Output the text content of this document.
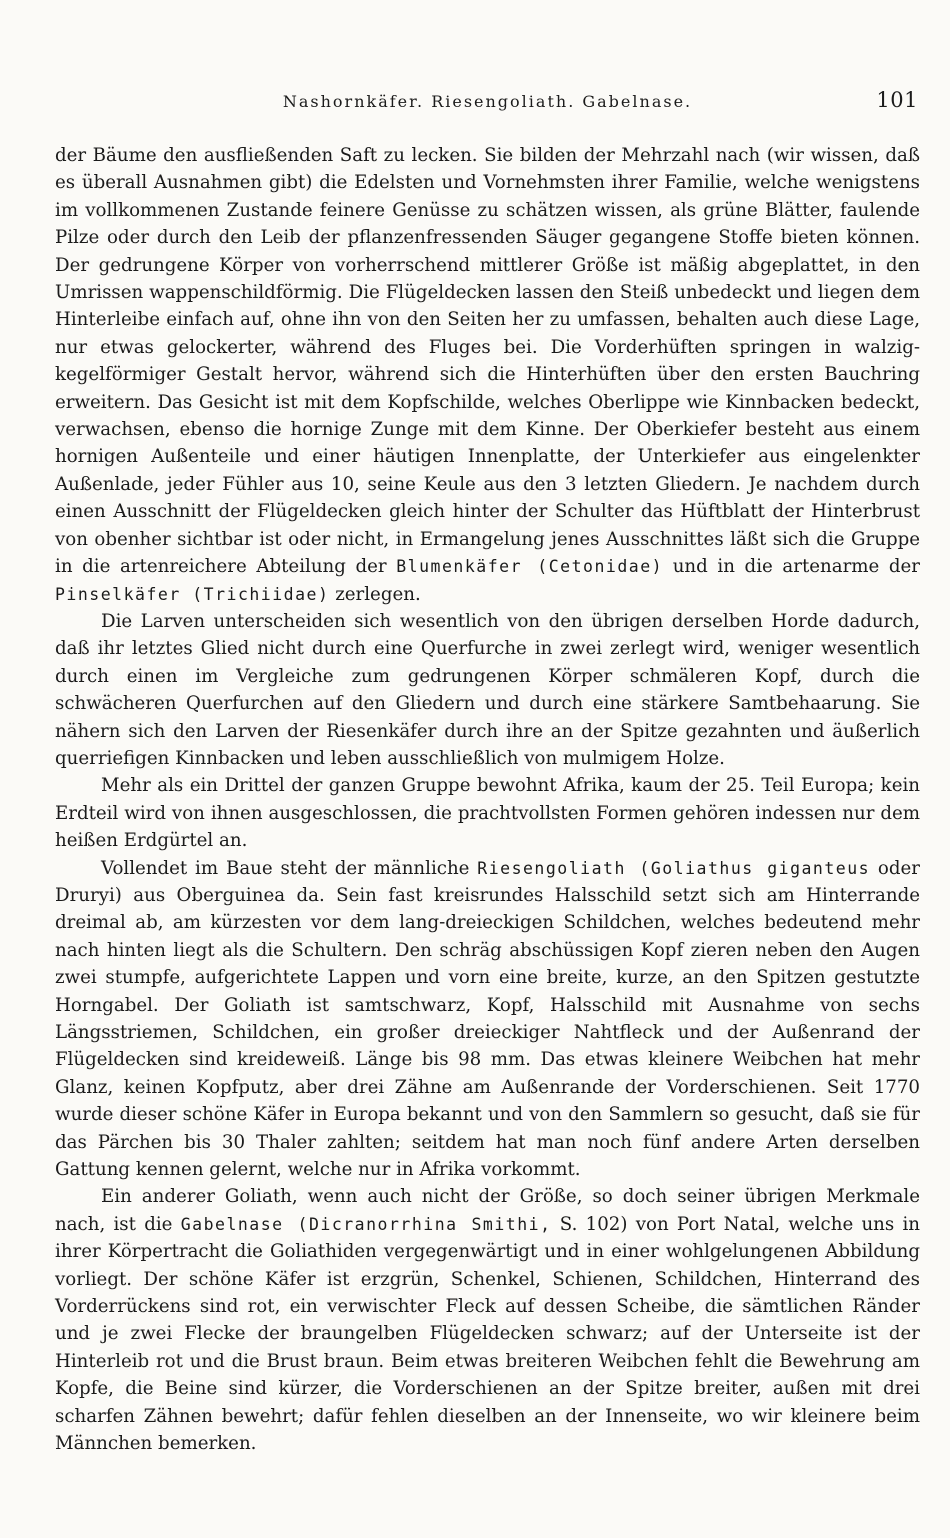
Nashornkäfer. Riesengoliath. Gabelnase.	101

der Bäume den ausfließenden Saft zu lecken. Sie bilden der Mehrzahl nach (wir wissen, daß es überall Ausnahmen gibt) die Edelsten und Vornehmsten ihrer Familie, welche wenigstens im vollkommenen Zustande feinere Genüsse zu schätzen wissen, als grüne Blätter, faulende Pilze oder durch den Leib der pflanzenfressenden Säuger gegangene Stoffe bieten können. Der gedrungene Körper von vorherrschend mittlerer Größe ist mäßig abgeplattet, in den Umrissen wappenschildförmig. Die Flügeldecken lassen den Steiß unbedeckt und liegen dem Hinterleibe einfach auf, ohne ihn von den Seiten her zu umfassen, behalten auch diese Lage, nur etwas gelockerter, während des Fluges bei. Die Vorderhüften springen in walzig-kegelförmiger Gestalt hervor, während sich die Hinterhüften über den ersten Bauchring erweitern. Das Gesicht ist mit dem Kopfschilde, welches Oberlippe wie Kinnbacken bedeckt, verwachsen, ebenso die hornige Zunge mit dem Kinne. Der Oberkiefer besteht aus einem hornigen Außenteile und einer häutigen Innenplatte, der Unterkiefer aus eingelenkter Außenlade, jeder Fühler aus 10, seine Keule aus den 3 letzten Gliedern. Je nachdem durch einen Ausschnitt der Flügeldecken gleich hinter der Schulter das Hüftblatt der Hinterbrust von obenher sichtbar ist oder nicht, in Ermangelung jenes Ausschnittes läßt sich die Gruppe in die artenreichere Abteilung der Blumenkäfer (Cetonidae) und in die artenarme der Pinselkäfer (Trichiidae) zerlegen.

Die Larven unterscheiden sich wesentlich von den übrigen derselben Horde dadurch, daß ihr letztes Glied nicht durch eine Querfurche in zwei zerlegt wird, weniger wesentlich durch einen im Vergleiche zum gedrungenen Körper schmäleren Kopf, durch die schwächeren Querfurchen auf den Gliedern und durch eine stärkere Samtbehaarung. Sie nähern sich den Larven der Riesenkäfer durch ihre an der Spitze gezahnten und äußerlich querriefigen Kinnbacken und leben ausschließlich von mulmigem Holze.

Mehr als ein Drittel der ganzen Gruppe bewohnt Afrika, kaum der 25. Teil Europa; kein Erdteil wird von ihnen ausgeschlossen, die prachtvollsten Formen gehören indessen nur dem heißen Erdgürtel an.

Vollendet im Baue steht der männliche Riesengoliath (Goliathus giganteus oder Druryi) aus Oberguinea da. Sein fast kreisrundes Halsschild setzt sich am Hinterrande dreimal ab, am kürzesten vor dem lang-dreieckigen Schildchen, welches bedeutend mehr nach hinten liegt als die Schultern. Den schräg abschüssigen Kopf zieren neben den Augen zwei stumpfe, aufgerichtete Lappen und vorn eine breite, kurze, an den Spitzen gestutzte Horngabel. Der Goliath ist samtschwarz, Kopf, Halsschild mit Ausnahme von sechs Längsstriemen, Schildchen, ein großer dreieckiger Nahtfleck und der Außenrand der Flügeldecken sind kreideweiß. Länge bis 98 mm. Das etwas kleinere Weibchen hat mehr Glanz, keinen Kopfputz, aber drei Zähne am Außenrande der Vorderschienen. Seit 1770 wurde dieser schöne Käfer in Europa bekannt und von den Sammlern so gesucht, daß sie für das Pärchen bis 30 Thaler zahlten; seitdem hat man noch fünf andere Arten derselben Gattung kennen gelernt, welche nur in Afrika vorkommt.

Ein anderer Goliath, wenn auch nicht der Größe, so doch seiner übrigen Merkmale nach, ist die Gabelnase (Dicranorrhina Smithi, S. 102) von Port Natal, welche uns in ihrer Körpertracht die Goliathiden vergegenwärtigt und in einer wohlgelungenen Abbildung vorliegt. Der schöne Käfer ist erzgrün, Schenkel, Schienen, Schildchen, Hinterrand des Vorderrückens sind rot, ein verwischter Fleck auf dessen Scheibe, die sämtlichen Ränder und je zwei Flecke der braungelben Flügeldecken schwarz; auf der Unterseite ist der Hinterleib rot und die Brust braun. Beim etwas breiteren Weibchen fehlt die Bewehrung am Kopfe, die Beine sind kürzer, die Vorderschienen an der Spitze breiter, außen mit drei scharfen Zähnen bewehrt; dafür fehlen dieselben an der Innenseite, wo wir kleinere beim Männchen bemerken.
